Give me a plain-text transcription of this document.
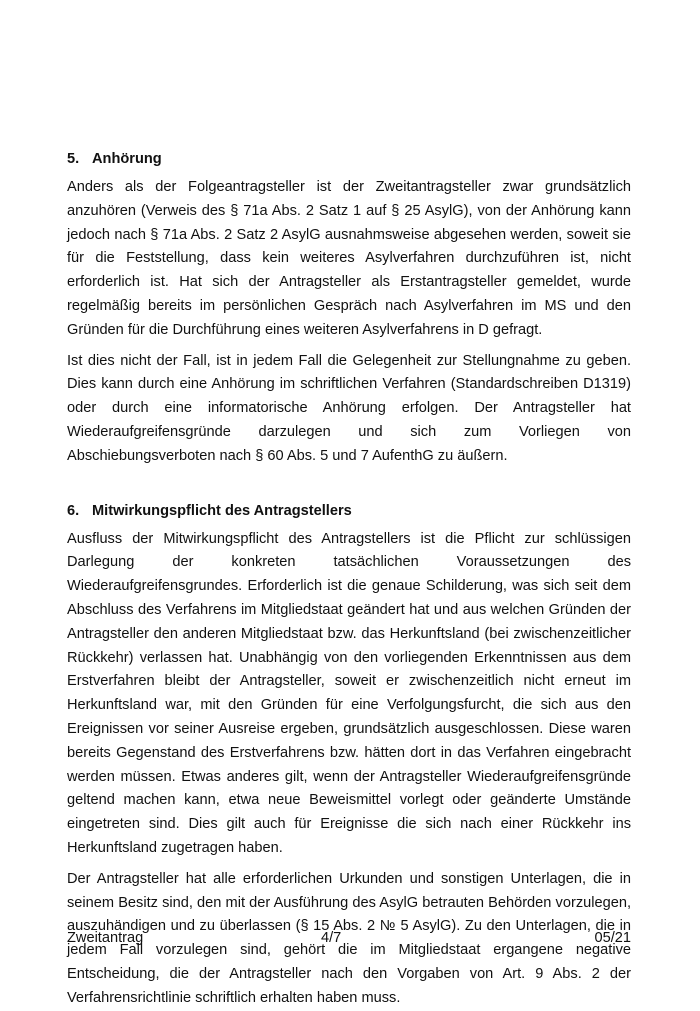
5. Anhörung

Anders als der Folgeantragsteller ist der Zweitantragsteller zwar grundsätzlich anzuhören (Verweis des § 71a Abs. 2 Satz 1 auf § 25 AsylG), von der Anhörung kann jedoch nach § 71a Abs. 2 Satz 2 AsylG ausnahmsweise abgesehen werden, soweit sie für die Feststellung, dass kein weiteres Asylverfahren durchzuführen ist, nicht erforderlich ist. Hat sich der Antragsteller als Erstantragsteller gemeldet, wurde regelmäßig bereits im persönlichen Gespräch nach Asylverfahren im MS und den Gründen für die Durchführung eines weiteren Asylverfahrens in D gefragt.

Ist dies nicht der Fall, ist in jedem Fall die Gelegenheit zur Stellungnahme zu geben. Dies kann durch eine Anhörung im schriftlichen Verfahren (Standardschreiben D1319) oder durch eine informatorische Anhörung erfolgen. Der Antragsteller hat Wiederaufgreifensgründe darzulegen und sich zum Vorliegen von Abschiebungsverboten nach § 60 Abs. 5 und 7 AufenthG zu äußern.

6. Mitwirkungspflicht des Antragstellers

Ausfluss der Mitwirkungspflicht des Antragstellers ist die Pflicht zur schlüssigen Darlegung der konkreten tatsächlichen Voraussetzungen des Wiederaufgreifensgrundes. Erforderlich ist die genaue Schilderung, was sich seit dem Abschluss des Verfahrens im Mitgliedstaat geändert hat und aus welchen Gründen der Antragsteller den anderen Mitgliedstaat bzw. das Herkunftsland (bei zwischenzeitlicher Rückkehr) verlassen hat. Unabhängig von den vorliegenden Erkenntnissen aus dem Erstverfahren bleibt der Antragsteller, soweit er zwischenzeitlich nicht erneut im Herkunftsland war, mit den Gründen für eine Verfolgungsfurcht, die sich aus den Ereignissen vor seiner Ausreise ergeben, grundsätzlich ausgeschlossen. Diese waren bereits Gegenstand des Erstverfahrens bzw. hätten dort in das Verfahren eingebracht werden müssen. Etwas anderes gilt, wenn der Antragsteller Wiederaufgreifensgründe geltend machen kann, etwa neue Beweismittel vorlegt oder geänderte Umstände eingetreten sind. Dies gilt auch für Ereignisse die sich nach einer Rückkehr ins Herkunftsland zugetragen haben.

Der Antragsteller hat alle erforderlichen Urkunden und sonstigen Unterlagen, die in seinem Besitz sind, den mit der Ausführung des AsylG betrauten Behörden vorzulegen, auszuhändigen und zu überlassen (§ 15 Abs. 2 № 5 AsylG). Zu den Unterlagen, die in jedem Fall vorzulegen sind, gehört die im Mitgliedstaat ergangene negative Entscheidung, die der Antragsteller nach den Vorgaben von Art. 9 Abs. 2 der Verfahrensrichtlinie schriftlich erhalten haben muss.

Zweitantrag	4/7	05/21
